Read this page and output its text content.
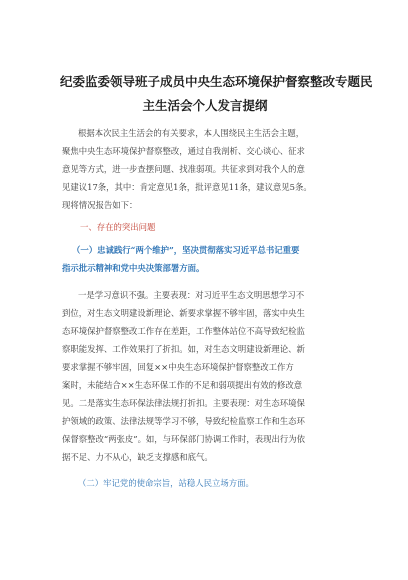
纪委监委领导班子成员中央生态环境保护督察整改专题民
主生活会个人发言提纲
根据本次民主生活会的有关要求，本人围绕民主生活会主题，
聚焦中央生态环境保护督察整改，通过自我剖析、交心谈心、征求
意见等方式，进一步查摆问题、找准弱项。共征求到对我个人的意
见建议17条，其中：肯定意见1条，批评意见11条，建议意见5条。
现将情况报告如下：
一、存在的突出问题
（一）忠诚践行“两个维护”，坚决贯彻落实习近平总书记重要
指示批示精神和党中央决策部署方面。
一是学习意识不强。主要表现：对习近平生态文明思想学习不
到位，对生态文明建设新理论、新要求掌握不够牢固，落实中央生
态环境保护督察整改工作存在差距，工作整体站位不高导致纪检监
察职能发挥、工作效果打了折扣。如，对生态文明建设新理论、新
要求掌握不够牢固，回复××中央生态环境保护督察整改工作方
案时，未能结合××生态环保工作的不足和弱项提出有效的修改意
见。二是落实生态环保法律法规打折扣。主要表现：对生态环境保
护领域的政策、法律法规等学习不够，导致纪检监察工作和生态环
保督察整改“两张皮”。如，与环保部门协调工作时，表现出行为依
据不足、力不从心，缺乏支撑感和底气。
（二）牢记党的使命宗旨，站稳人民立场方面。
